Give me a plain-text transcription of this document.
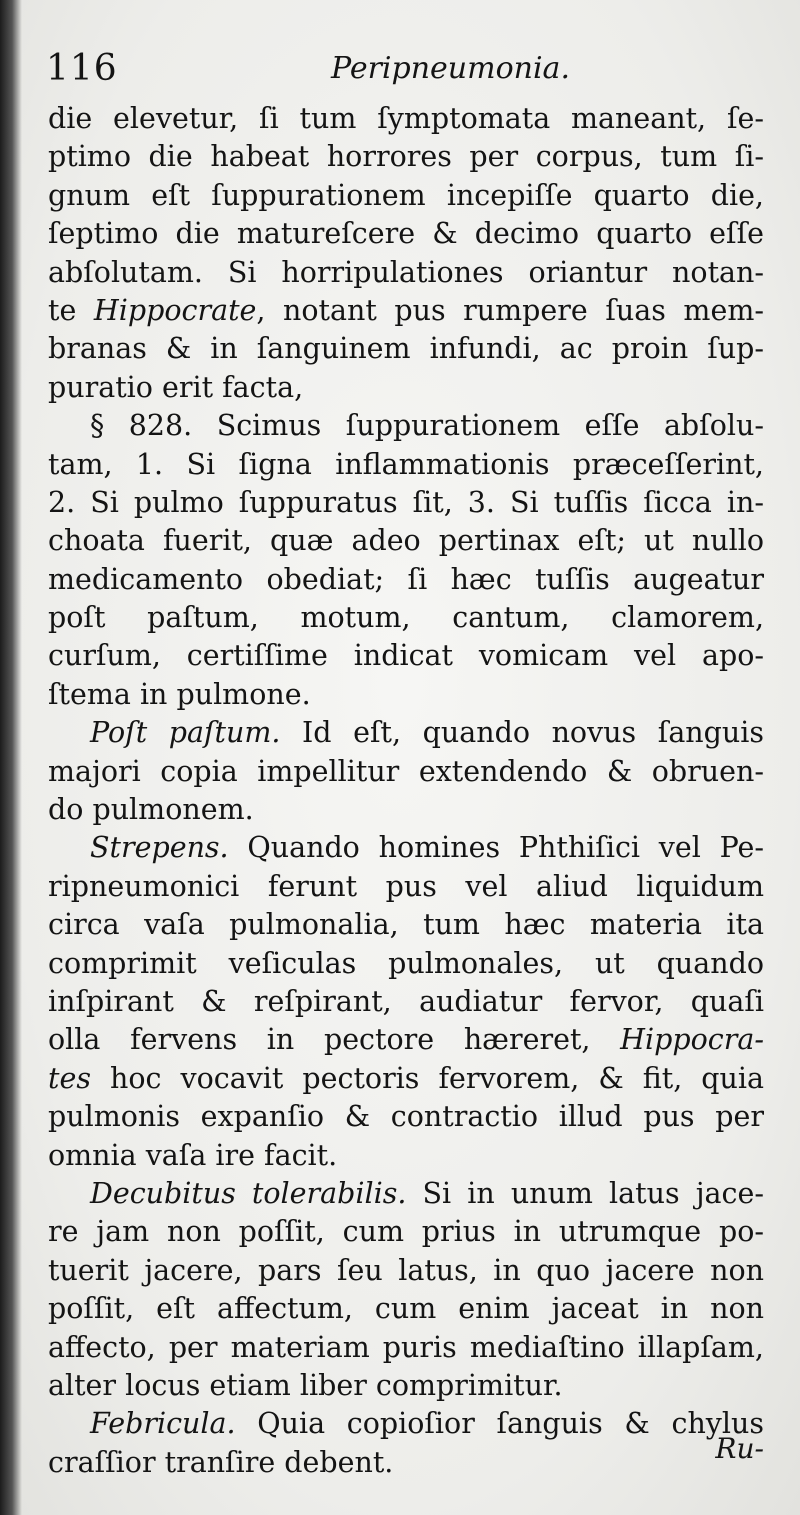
116	Peripneumonia.
die elevetur, ſi tum ſymptomata maneant, ſe-
ptimo die habeat horrores per corpus, tum ſi-
gnum eſt ſuppurationem incepiſſe quarto die,
ſeptimo die matureſcere & decimo quarto eſſe
abſolutam. Si horripulationes oriantur notan-
te Hippocrate, notant pus rumpere ſuas mem-
branas & in ſanguinem infundi, ac proin ſup-
puratio erit facta,
§ 828. Scimus ſuppurationem eſſe abſolu-
tam, 1. Si ſigna inflammationis præceſſerint,
2. Si pulmo ſuppuratus ſit, 3. Si tuſſis ſicca in-
choata fuerit, quæ adeo pertinax eſt; ut nullo
medicamento obediat; ſi hæc tuſſis augeatur
poſt paſtum, motum, cantum, clamorem,
curſum, certiſſime indicat vomicam vel apo-
ſtema in pulmone.
Poſt paſtum. Id eſt, quando novus ſanguis
majori copia impellitur extendendo & obruen-
do pulmonem.
Strepens. Quando homines Phthiſici vel Pe-
ripneumonici ferunt pus vel aliud liquidum
circa vaſa pulmonalia, tum hæc materia ita
comprimit veſiculas pulmonales, ut quando
inſpirant & reſpirant, audiatur fervor, quaſi
olla fervens in pectore hæreret, Hippocra-
tes hoc vocavit pectoris fervorem, & fit, quia
pulmonis expanſio & contractio illud pus per
omnia vaſa ire facit.
Decubitus tolerabilis. Si in unum latus jace-
re jam non poſſit, cum prius in utrumque po-
tuerit jacere, pars ſeu latus, in quo jacere non
poſſit, eſt affectum, cum enim jaceat in non
affecto, per materiam puris mediaſtino illapſam,
alter locus etiam liber comprimitur.
Febricula. Quia copioſior ſanguis & chylus
craſſior tranſire debent.	Ru-
